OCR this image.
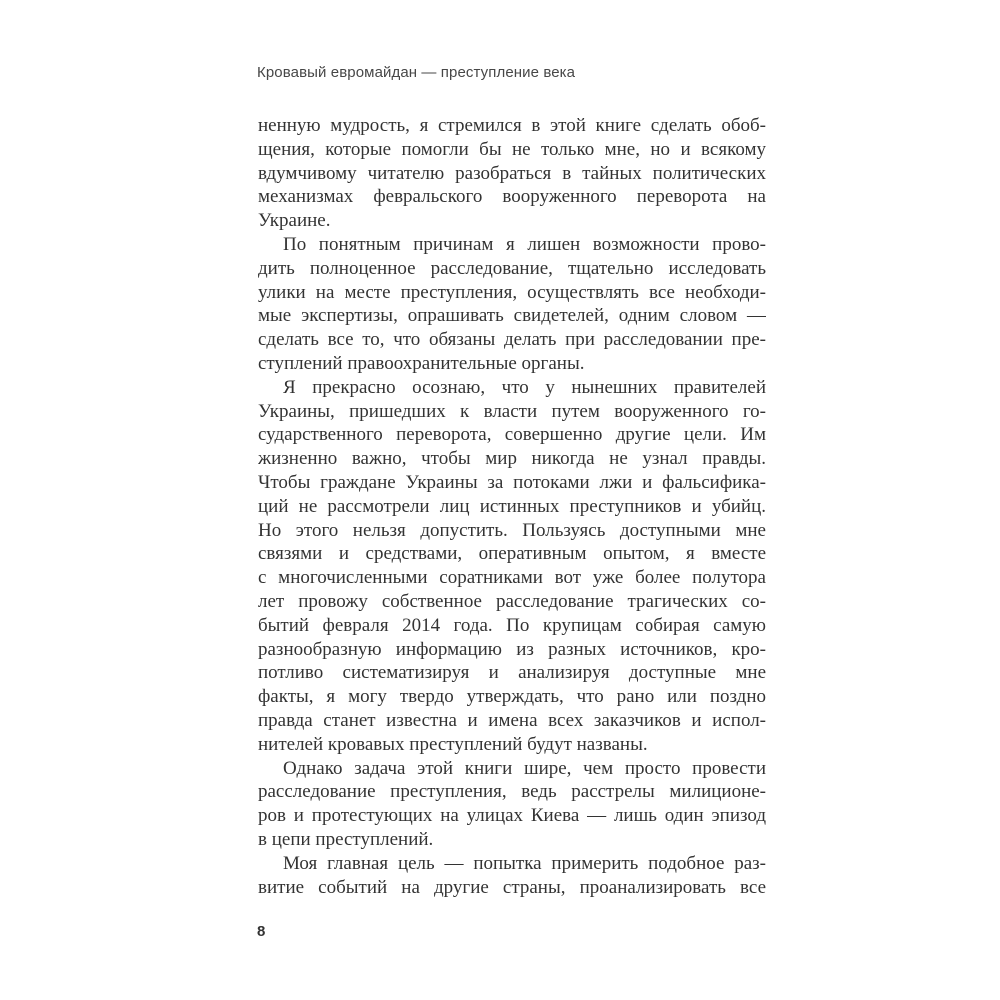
Кровавый евромайдан — преступление века
ненную мудрость, я стремился в этой книге сделать обоб-
щения, которые помогли бы не только мне, но и всякому
вдумчивому читателю разобраться в тайных политических
механизмах февральского вооруженного переворота на
Украине.
По понятным причинам я лишен возможности прово-
дить полноценное расследование, тщательно исследовать
улики на месте преступления, осуществлять все необходи-
мые экспертизы, опрашивать свидетелей, одним словом —
сделать все то, что обязаны делать при расследовании пре-
ступлений правоохранительные органы.
Я прекрасно осознаю, что у нынешних правителей
Украины, пришедших к власти путем вооруженного го-
сударственного переворота, совершенно другие цели. Им
жизненно важно, чтобы мир никогда не узнал правды.
Чтобы граждане Украины за потоками лжи и фальсифика-
ций не рассмотрели лиц истинных преступников и убийц.
Но этого нельзя допустить. Пользуясь доступными мне
связями и средствами, оперативным опытом, я вместе
с многочисленными соратниками вот уже более полутора
лет провожу собственное расследование трагических со-
бытий февраля 2014 года. По крупицам собирая самую
разнообразную информацию из разных источников, кро-
потливо систематизируя и анализируя доступные мне
факты, я могу твердо утверждать, что рано или поздно
правда станет известна и имена всех заказчиков и испол-
нителей кровавых преступлений будут названы.
Однако задача этой книги шире, чем просто провести
расследование преступления, ведь расстрелы милиционе-
ров и протестующих на улицах Киева — лишь один эпизод
в цепи преступлений.
Моя главная цель — попытка примерить подобное раз-
витие событий на другие страны, проанализировать все
8
